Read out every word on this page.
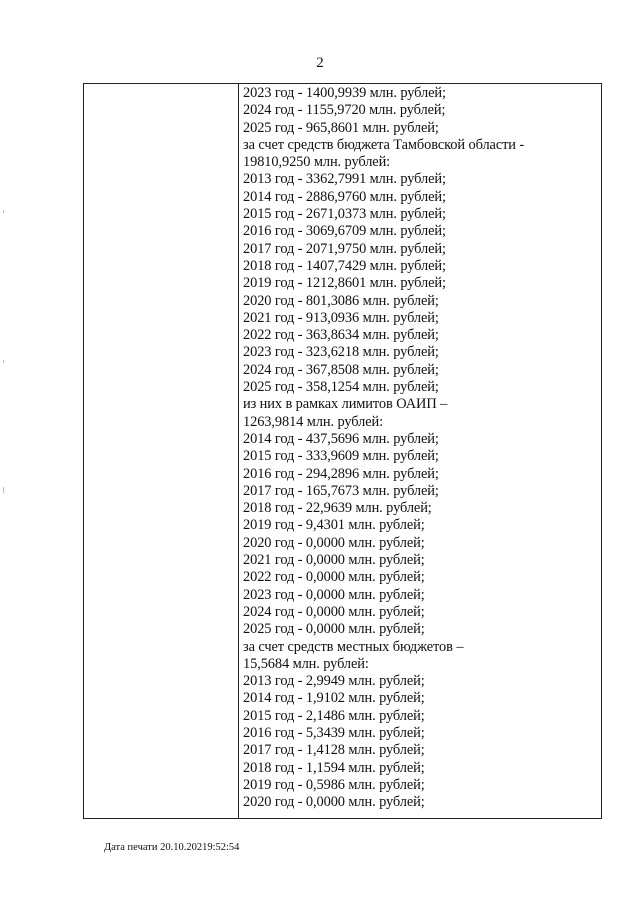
2
2023 год - 1400,9939 млн. рублей;
2024 год - 1155,9720 млн. рублей;
2025 год - 965,8601 млн. рублей;
за счет средств бюджета Тамбовской области -
19810,9250 млн. рублей:
2013 год - 3362,7991 млн. рублей;
2014 год - 2886,9760 млн. рублей;
2015 год - 2671,0373 млн. рублей;
2016 год - 3069,6709 млн. рублей;
2017 год - 2071,9750 млн. рублей;
2018 год - 1407,7429 млн. рублей;
2019 год - 1212,8601 млн. рублей;
2020 год - 801,3086 млн. рублей;
2021 год - 913,0936 млн. рублей;
2022 год - 363,8634 млн. рублей;
2023 год - 323,6218 млн. рублей;
2024 год - 367,8508 млн. рублей;
2025 год - 358,1254 млн. рублей;
из них в рамках лимитов ОАИП –
1263,9814 млн. рублей:
2014 год - 437,5696 млн. рублей;
2015 год - 333,9609 млн. рублей;
2016 год - 294,2896 млн. рублей;
2017 год - 165,7673 млн. рублей;
2018 год - 22,9639 млн. рублей;
2019 год - 9,4301 млн. рублей;
2020 год - 0,0000 млн. рублей;
2021 год - 0,0000 млн. рублей;
2022 год - 0,0000 млн. рублей;
2023 год - 0,0000 млн. рублей;
2024 год - 0,0000 млн. рублей;
2025 год - 0,0000 млн. рублей;
за счет средств местных бюджетов –
15,5684 млн. рублей:
2013 год - 2,9949 млн. рублей;
2014 год - 1,9102 млн. рублей;
2015 год - 2,1486 млн. рублей;
2016 год - 5,3439 млн. рублей;
2017 год - 1,4128 млн. рублей;
2018 год - 1,1594 млн. рублей;
2019 год - 0,5986 млн. рублей;
2020 год - 0,0000 млн. рублей;
Дата печати 20.10.20219:52:54
